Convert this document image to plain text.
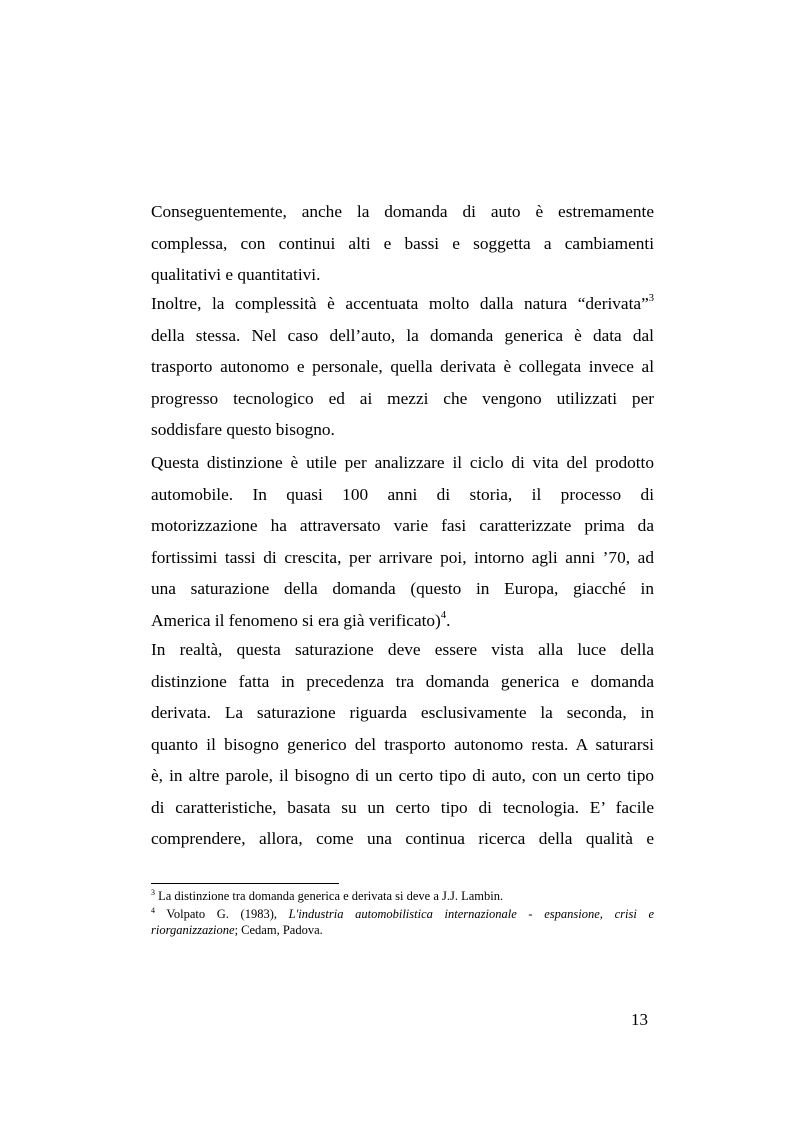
Conseguentemente, anche la domanda di auto è estremamente
complessa, con continui alti e bassi e soggetta a cambiamenti
qualitativi e quantitativi.

Inoltre, la complessità è accentuata molto dalla natura “derivata”$^3$
della stessa. Nel caso dell’auto, la domanda generica è data dal
trasporto autonomo e personale, quella derivata è collegata invece al
progresso tecnologico ed ai mezzi che vengono utilizzati per
soddisfare questo bisogno.

Questa distinzione è utile per analizzare il ciclo di vita del prodotto
automobile. In quasi 100 anni di storia, il processo di
motorizzazione ha attraversato varie fasi caratterizzate prima da
fortissimi tassi di crescita, per arrivare poi, intorno agli anni ’70, ad
una saturazione della domanda (questo in Europa, giacché in
America il fenomeno si era già verificato)$^4$.

In realtà, questa saturazione deve essere vista alla luce della
distinzione fatta in precedenza tra domanda generica e domanda
derivata. La saturazione riguarda esclusivamente la seconda, in
quanto il bisogno generico del trasporto autonomo resta. A saturarsi
è, in altre parole, il bisogno di un certo tipo di auto, con un certo tipo
di caratteristiche, basata su un certo tipo di tecnologia. E’ facile
comprendere, allora, come una continua ricerca della qualità e

$^3$ La distinzione tra domanda generica e derivata si deve a J.J. Lambin.

$^4$ Volpato G. (1983), L'industria automobilistica internazionale - espansione, crisi e
riorganizzazione; Cedam, Padova.

13
